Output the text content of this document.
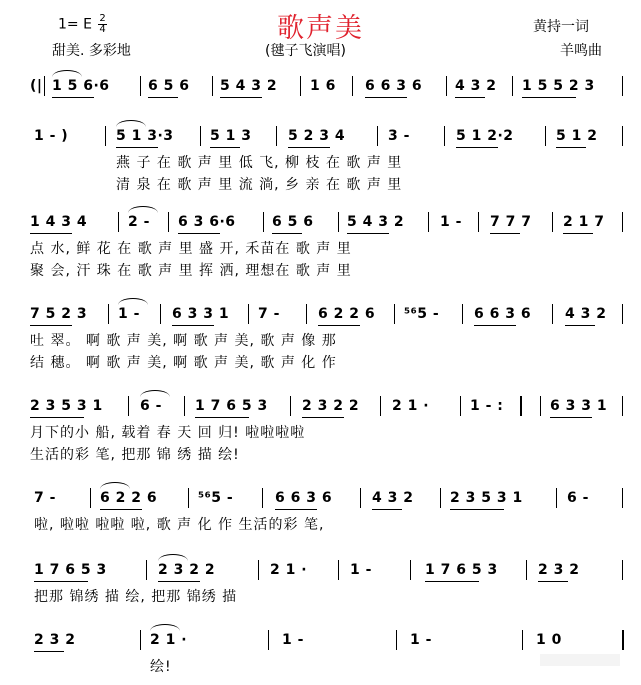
歌声美
1= E $\frac{2}{4}$	黄持一词
甜美. 多彩地	(毽子飞演唱)	羊鸣曲
(| 1 5 6·6	6 5 6 5 4 3 2 1 6 6 6 3 6 4 3 2 1 5 5 2 3
1 - )	5 1 3·3	5 1 3	5 2 3 4	3 -	5 1 2·2	5 1 2
燕 子 在 歌 声 里 低 飞, 柳 枝 在 歌 声 里
清 泉 在 歌 声 里 流 淌, 乡 亲 在 歌 声 里
1 4 3 4	2 - 6 3 6·6	6 5 6 5 4 3 2	1 - 7 7 7 2 1 7
点 水, 鲜 花 在 歌 声 里 盛 开, 禾苗在 歌 声 里
聚 会, 汗 珠 在 歌 声 里 挥 洒, 理想在 歌 声 里
7 5 2 3 1 - 6 3 3 1 7 -	6 2 2 6 ⁵⁶5 - 6 6 3 6 4 3 2
吐 翠。 啊 歌 声 美, 啊 歌 声 美, 歌 声 像 那
结 穗。 啊 歌 声 美, 啊 歌 声 美, 歌 声 化 作
2 3 5 3 1	6 - 1 7 6 5 3 2 3 2 2 2 1 ·	1 - :	6 3 3 1
月下的小 船, 载着 春 天 回 归! 啦啦啦啦
生活的彩 笔, 把那 锦 绣 描 绘!
7 -	6 2 2 6	⁵⁶5 -	6 6 3 6	4 3 2	2 3 5 3 1	6 -
啦, 啦啦 啦啦 啦, 歌 声 化 作 生活的彩 笔,
1 7 6 5 3	2 3 2 2	2 1 ·	1 -	1 7 6 5 3	2 3 2
把那 锦绣 描 绘, 把那 锦绣 描
2 3 2	2 1 ·	1 -	1 -	1 0
绘!
